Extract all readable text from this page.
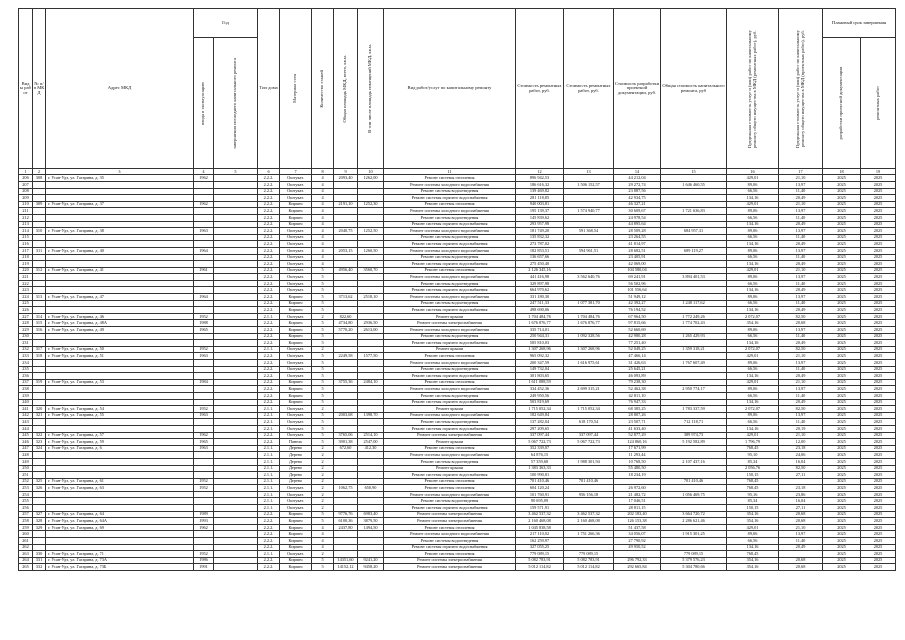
Вид ы раб от	№ п/п МК Д	Адрес МКД	Год		Тип домa	Материал стен	Количество этажей	Общая площадь МКД, всего, кв.м.	В том числе площадь помещений МКД, кв.м.	Вид работ/услуг по капитальному ремонту	Стоимость ремонтных работ, руб.	Стоимость ремонтных работ, руб.	Стоимость разработки проектной документации, руб.	Общая стоимость капитального ремонта, руб	Предельная стоимость услуг и (или) работ по капитальному ремонту общего имущества в МКД (ремонтных работ), руб.	Предельная стоимость услуг и (или) работ по капитальному ремонту общего имущества в МКД (проектных работ), руб.	Плановый срок завершения	

			ввода в эксплуатацию	завершения последнего капитального ремонта													разработки проектной документации	ремонтных работ

1	2	3	4	5	6	7	8	9	10	11	12	13	14	15	16	17	18	19
206	308	г. Усан-Удэ, ул. Гагарина, д. 35	1962		2.2.2.	Оштукат.	4	2093,40	1262,00	Ремонт системы отопления	896 942,53		44 212,04		429,01	21,10	2025	2025
207					2.2.2.	Оштукат.	4			Ремонт системы холодного водоснабжения	186 616,32	1 506 152,57	29 272,74	1 646 460,55	89,06	13,97	2025	2025
208					2.2.2.	Оштукат.	4			Ремонт системы водоотведения	139 469,82		23 887,56		66,56	11,40	2025	2025
209					2.2.2.	Оштукат.	4			Ремонт системы горячего водоснабжения	281 118,85		42 934,75		134,16	20,49	2025	2025
210	309	г. Усан-Удэ, ул. Гагарина, д. 37	1962		2.2.2.	Кирпич	4	2191,10	1252,30	Ремонт системы отопления	940 003,81		46 327,21		429,01	21,10	2025	2025
211					2.2.2.	Кирпич	4			Ремонт системы холодного водоснабжения	195 139,37	1 574 940,77	30 609,67	1 721 636,83	89,06	13,97	2025	2025
212					2.2.2.	Кирпич	4			Ремонт системы водоотведения	145 839,62		24 978,54		66,56	11,40	2025	2025
213					2.2.2.	Кирпич	4			Ремонт системы горячего водоснабжения	293 957,98		44 895,64		134,16	20,49	2025	2025
214	310	г. Усан-Удэ, ул. Гагарина, д. 38	1963		2.2.2.	Оштукат.	4	2040,75	1252,50	Ремонт системы холодного водоснабжения	181 749,20	591 368,54	28 509,28	684 957,31	89,06	13,97	2025	2025
215					2.2.2.	Оштукат.	4			Ремонт системы водоотведения	135 832,32		23 264,55		66,56	11,40	2025	2025
216					2.2.2.	Оштукат.	4			Ремонт системы горячего водоснабжения	273 787,02		41 814,97		134,16	20,49	2025	2025
217	311	г. Усан-Удэ, ул. Гагарина, д. 40	1964		2.2.2.	Оштукат.	4	2053,15	1260,50	Ремонт системы холодного водоснабжения	182 853,51	594 961,51	28 682,51	689 119,27	89,06	13,97	2025	2025
218					2.2.2.	Оштукат.	4			Ремонт системы водоотведения	136 657,66		23 405,91		66,56	11,40	2025	2025
219					2.2.2.	Оштукат.	4			Ремонт системы горячего водоснабжения	275 450,40		42 069,00		134,16	20,49	2025	2025
220	312	г. Усан-Удэ, ул. Гагарина, д. 41	1961		2.2.2.	Оштукат.	5	4956,40	3560,70	Ремонт системы отопления	2 126 345,16		104 580,04		429,01	21,10	2025	2025
221					2.2.2.	Оштукат.	5			Ремонт системы холодного водоснабжения	441 416,98	3 562 640,76	69 241,91	3 894 401,53	89,06	13,97	2025	2025
222					2.2.2.	Оштукат.	5			Ремонт системы водоотведения	329 897,98		56 502,96		66,56	11,40	2025	2025
223					2.2.2.	Оштукат.	5			Ремонт системы горячего водоснабжения	664 970,62		101 556,64		134,16	20,49	2025	2025
224	313	г. Усан-Удэ, ул. Гагарина, д. 47	1964		2.2.2.	Кирпич	5	3713,62	2518,10	Ремонт системы холодного водоснабжения	331 180,30		51 949,12		89,06	13,97	2025	2025
225					2.2.2.	Кирпич	5			Ремонт системы водоотведения	247 511,33	1 077 381,70	42 392,27	1 248 117,62	66,56	11,40	2025	2025
226					2.2.2.	Кирпич	5			Ремонт системы горячего водоснабжения	498 690,06		76 194,52		134,16	20,49	2025	2025
227	314	г. Усан-Удэ, ул. Гагарина, д. 46	1952		2.1.1.	Оштукат.	2	822,60		Ремонт крыши	1 704 484,76	1 704 484,76	67 964,50	1 772 249,26	2 072,07	82,50	2025	2025
228	315	г. Усан-Удэ, ул. Гагарина, д. 48А	1988		2.2.2.	Кирпич	5	4734,80	2936,50	Ремонт системы электроснабжения	1 676 876,77	1 676 876,77	97 815,66	1 774 702,43	354,16	20,68	2025	2025
229	316	г. Усан-Удэ, ул. Гагарина, д. 49	1965		2.2.2.	Кирпич	5	5770,20	2613,00	Ремонт системы холодного водоснабжения	335 714,01		52 660,69		89,06	13,97	2025	2025
230					2.2.2.	Кирпич	5			Ремонт системы водоотведения	250 944,31	1 092 328,56	42 980,28	1 265 429,93	66,56	11,40	2025	2025
231					2.2.2.	Кирпич	5			Ремонт системы горячего водоснабжения	505 810,03		77 251,40		134,16	20,49	2025	2025
232	317	г. Усан-Удэ, ул. Гагарина, д. 50	1952		2.1.1.	Оштукат.	2			Ремонт крыши	1 307 268,96	1 307 268,96	52 049,25	1 359 318,21	2 072,07	82,50	2025	2025
233	318	г. Усан-Удэ, ул. Гагарина, д. 51	1963		2.2.2.	Оштукат.	5	2249,58	1577,50	Ремонт системы отопления	965 092,32		47 466,14		429,01	21,10	2025	2025
234					2.2.2.	Оштукат.	5			Ремонт системы холодного водоснабжения	200 347,59	1 616 975,61	31 426,63	1 767 607,49	89,06	13,97	2025	2025
235					2.2.2.	Оштукат.	5			Ремонт системы водоотведения	149 732,04		25 645,21		66,56	11,40	2025	2025
236					2.2.2.	Оштукат.	5			Ремонт системы горячего водоснабжения	301 803,65		46 093,89		134,16	20,49	2025	2025
237	319	г. Усан-Удэ, ул. Гагарина, д. 53	1984		2.2.2.	Кирпич	5	3755,36	2484,10	Ремонт системы отопления	1 611 088,59		79 238,30		429,01	21,10	2025	2025
238					2.2.2.	Кирпич	5			Ремонт системы холодного водоснабжения	334 452,36	2 699 315,21	52 462,38	2 950 774,17	89,06	13,97	2025	2025
239					2.2.2.	Кирпич	5			Ремонт системы водоотведения	249 950,56		42 811,10		66,56	11,40	2025	2025
240					2.2.2.	Кирпич	5			Ремонт системы горячего водоснабжения	503 819,69		76 947,33		134,16	20,49	2025	2025
241	320	г. Усан-Удэ, ул. Гагарина, д. 54	1952		2.1.1.	Оштукат.	2			Ремонт крыши	1 715 052,34	1 715 052,34	68 385,25	1 783 337,59	2 072,07	82,50	2025	2025
242	321	г. Усан-Удэ, ул. Гагарина, д. 55	1963		2.2.1.	Оштукат.	5	2003,68	1398,70	Ремонт системы холодного водоснабжения	182 649,84		28 807,26		89,06	13,97	2025	2025
243					2.2.1.	Оштукат.	5			Ремонт системы водоотведения	137 282,04	618 170,54	23 507,71	712 118,71	66,56	11,40	2025	2025
244					2.2.1.	Оштукат.	5			Ремонт системы горячего водоснабжения	297 209,65		41 633,40		134,16	20,19	2025	2025
245	322	г. Усан-Удэ, ул. Гагарина, д. 57	1962		2.2.2.	Оштукат.	5	3765,06	2514,10	Ремонт системы электроснабжения	337 097,44	337 097,44	52 877,29	389 974,73	429,01	21,10	2025	2025
246	323	г. Усан-Удэ, ул. Гагарина, д. 59	1965		2.2.2.	Панель	5	3901,38	2547,00	Ремонт крыши	5 067 722,73	5 067 722,73	124 860,16	5 192 582,89	1 796,79	12,00	2025	2025
247	324	г. Усан-Удэ, ул. Гагарина, д. 6	1963		2.1.1.	Дерево	2	672,60	412,30	Ремонт системы отопления	352 339,07		17 671,99		768,45	23,18	2025	2025
248					2.1.1.	Дерево	2			Ремонт системы холодного водоснабжения	64 876,15		11 293,44		95,10	24,06	2025	2025
249					2.1.1.	Дерево	2			Ремонт системы водоотведения	57 359,68	1 988 301,94	10 768,50	2 107 437,16	85,34	16,04	2025	2025
250					2.1.1.	Дерево	2			Ремонт крыши	1 383 363,33		55 480,50		2 056,76	82,50	2025	2025
251					2.1.1.	Дерево	2			Ремонт системы горячего водоснабжения	100 990,81		18 234,19		150,15	27,11	2025	2025
252	325	г. Усан-Удэ, ул. Гагарина, д. 61	1952		2.1.1.	Дерево	2			Ремонт системы отопления	701 410,46	701 410,46		701 410,46	768,45		2025	2025
253	326	г. Усан-Удэ, ул. Гагарина, д. 63	1952		2.1.1.	Оштукат.	2	1062,75	650,90	Ремонт системы отопления	604 120,24		26 972,60		768,45	23,18	2025	2025
254					2.1.1.	Оштукат.	2			Ремонт системы холодного водоснабжения	101 760,91	956 156,18	21 482,72	1 056 469,75	95,16	23,86	2025	2025
255					2.1.1.	Оштукат.	2			Ремонт системы водоотведения	90 695,09		17 046,51		85,34	16,04	2025	2025
256					2.1.1.	Оштукат.	2			Ремонт системы горячего водоснабжения	159 571,91		28 811,15		150,15	27,11	2025	2025
257	327	г. Усан-Удэ, ул. Гагарина, д. 64	1989		2.2.2.	Кирпич	5	9776,76	6983,40	Ремонт системы электроснабжения	3 462 537,32	3 462 537,32	202 183,40	3 664 720,72	354,16	20,68	2025	2025
258	328	г. Усан-Удэ, ул. Гагарина, д. 64А	1993		2.2.2.	Кирпич	5	6100,36	3879,50	Ремонт системы электроснабжения	2 160 468,08	2 160 468,08	126 153,38	2 286 621,46	354,16	20,68	2025	2025
259	329	г. Усан-Удэ, ул. Гагарина, д. 69	1962		2.2.2.	Кирпич	4	2437,80	1494,50	Ремонт системы отопления	1 045 838,58		51 437,58		429,01	21,10	2025	2025
260					2.2.2.	Кирпич	4			Ремонт системы холодного водоснабжения	217 110,02	1 751 266,36	34 056,07	1 915 301,25	89,06	13,97	2025	2025
261					2.2.2.	Кирпич	4			Ремонт системы водоотведения	162 259,97		27 790,92		66,56	11,40	2025	2025
262					2.2.2.	Кирпич	4			Ремонт системы горячего водоснабжения	327 055,25		49 950,52		134,16	20,49	2025	2025
263	330	г. Усан-Удэ, ул. Гагарина, д. 71	1952		2.1.1.	Оштукат.	2			Ремонт системы отопления	779 089,15	779 089,15		779 089,15	768,45		2025	2025
264	331	г. Усан-Удэ, ул. Гагарина, д. 73А	1986		2.2.2.	Кирпич	5	14351,60	9241,20	Ремонт системы электроснабжения	5 082 783,91	5 082 783,91	296 792,33	5 379 576,23	354,16	20,68	2025	2025
265	332	г. Усан-Удэ, ул. Гагарина, д. 73Б	1991		2.2.2.	Кирпич	5	14152,12	9458,20	Ремонт системы электроснабжения	5 012 114,82	5 012 114,82	292 665,84	5 304 780,66	354,16	20,68	2025	2025
